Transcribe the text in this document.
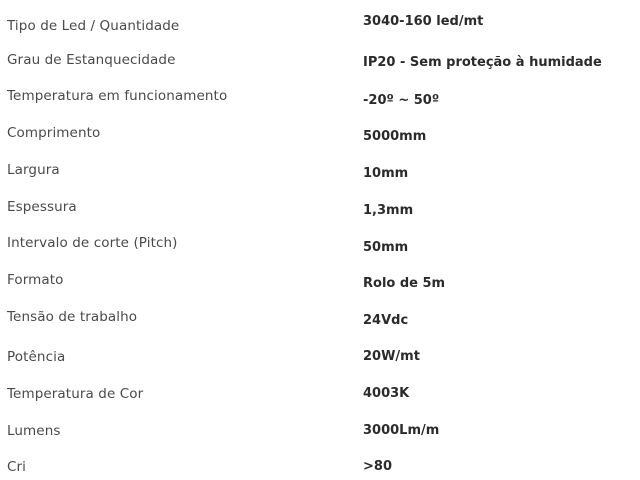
Tipo de Led / Quantidade	3040-160 led/mt
Grau de Estanquecidade	IP20 - Sem proteção à humidade
Temperatura em funcionamento	-20º ~ 50º
Comprimento	5000mm
Largura	10mm
Espessura	1,3mm
Intervalo de corte (Pitch)	50mm
Formato	Rolo de 5m
Tensão de trabalho	24Vdc
Potência	20W/mt
Temperatura de Cor	4003K
Lumens	3000Lm/m
Cri	>80
